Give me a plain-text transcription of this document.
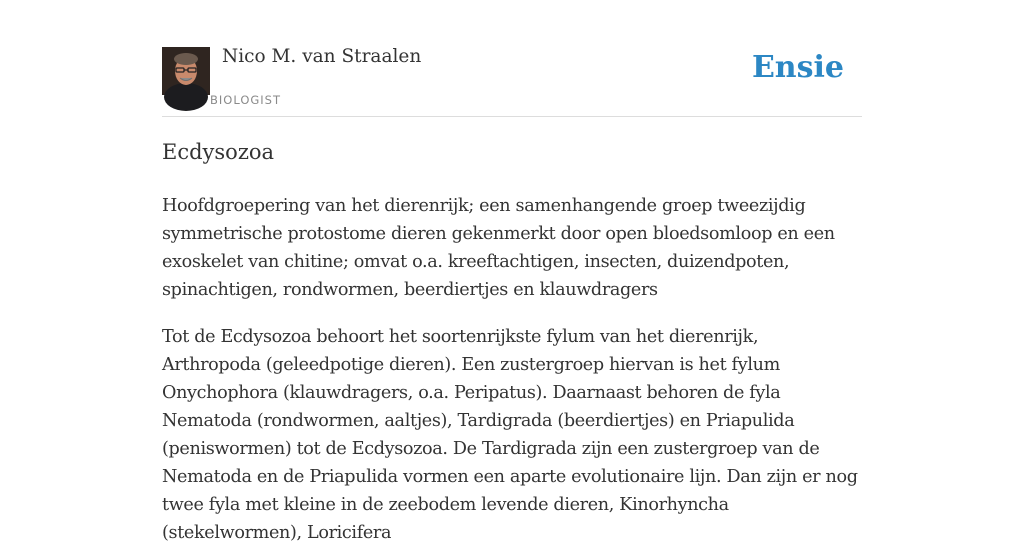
Nico M. van Straalen
BIOLOGIST
Ensie
Ecdysozoa

Hoofdgroepering van het dierenrijk; een samenhangende groep tweezijdig symmetrische protostome dieren gekenmerkt door open bloedsomloop en een exoskelet van chitine; omvat o.a. kreeftachtigen, insecten, duizendpoten, spinachtigen, rondwormen, beerdiertjes en klauwdragers

Tot de Ecdysozoa behoort het soortenrijkste fylum van het dierenrijk, Arthropoda (geleedpotige dieren). Een zustergroep hiervan is het fylum Onychophora (klauwdragers, o.a. Peripatus). Daarnaast behoren de fyla Nematoda (rondwormen, aaltjes), Tardigrada (beerdiertjes) en Priapulida (peniswormen) tot de Ecdysozoa. De Tardigrada zijn een zustergroep van de Nematoda en de Priapulida vormen een aparte evolutionaire lijn. Dan zijn er nog twee fyla met kleine in de zeebodem levende dieren, Kinorhyncha (stekelwormen), Loricifera
